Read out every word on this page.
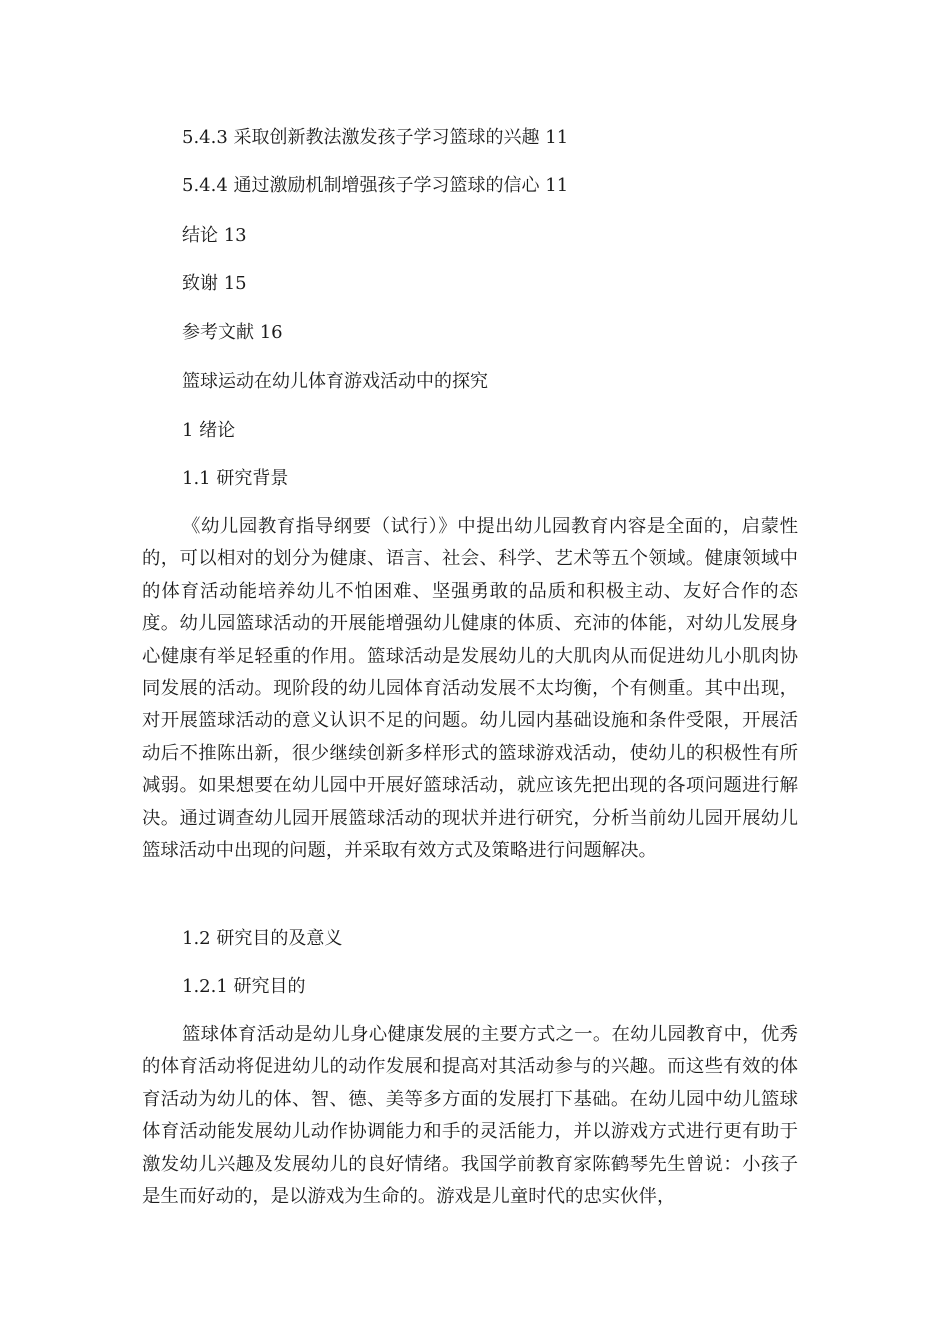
5.4.3 采取创新教法激发孩子学习篮球的兴趣 11
5.4.4 通过激励机制增强孩子学习篮球的信心 11
结论 13
致谢 15
参考文献 16
篮球运动在幼儿体育游戏活动中的探究
1 绪论
1.1 研究背景

《幼儿园教育指导纲要（试行）》中提出幼儿园教育内容是全面的，启蒙性的，可以相对的划分为健康、语言、社会、科学、艺术等五个领域。健康领域中的体育活动能培养幼儿不怕困难、坚强勇敢的品质和积极主动、友好合作的态度。幼儿园篮球活动的开展能增强幼儿健康的体质、充沛的体能，对幼儿发展身心健康有举足轻重的作用。篮球活动是发展幼儿的大肌肉从而促进幼儿小肌肉协同发展的活动。现阶段的幼儿园体育活动发展不太均衡，个有侧重。其中出现，对开展篮球活动的意义认识不足的问题。幼儿园内基础设施和条件受限，开展活动后不推陈出新，很少继续创新多样形式的篮球游戏活动，使幼儿的积极性有所减弱。如果想要在幼儿园中开展好篮球活动，就应该先把出现的各项问题进行解决。通过调查幼儿园开展篮球活动的现状并进行研究，分析当前幼儿园开展幼儿篮球活动中出现的问题，并采取有效方式及策略进行问题解决。

1.2 研究目的及意义
1.2.1 研究目的

篮球体育活动是幼儿身心健康发展的主要方式之一。在幼儿园教育中，优秀的体育活动将促进幼儿的动作发展和提高对其活动参与的兴趣。而这些有效的体育活动为幼儿的体、智、德、美等多方面的发展打下基础。在幼儿园中幼儿篮球体育活动能发展幼儿动作协调能力和手的灵活能力，并以游戏方式进行更有助于激发幼儿兴趣及发展幼儿的良好情绪。我国学前教育家陈鹤琴先生曾说：小孩子是生而好动的，是以游戏为生命的。游戏是儿童时代的忠实伙伴，
